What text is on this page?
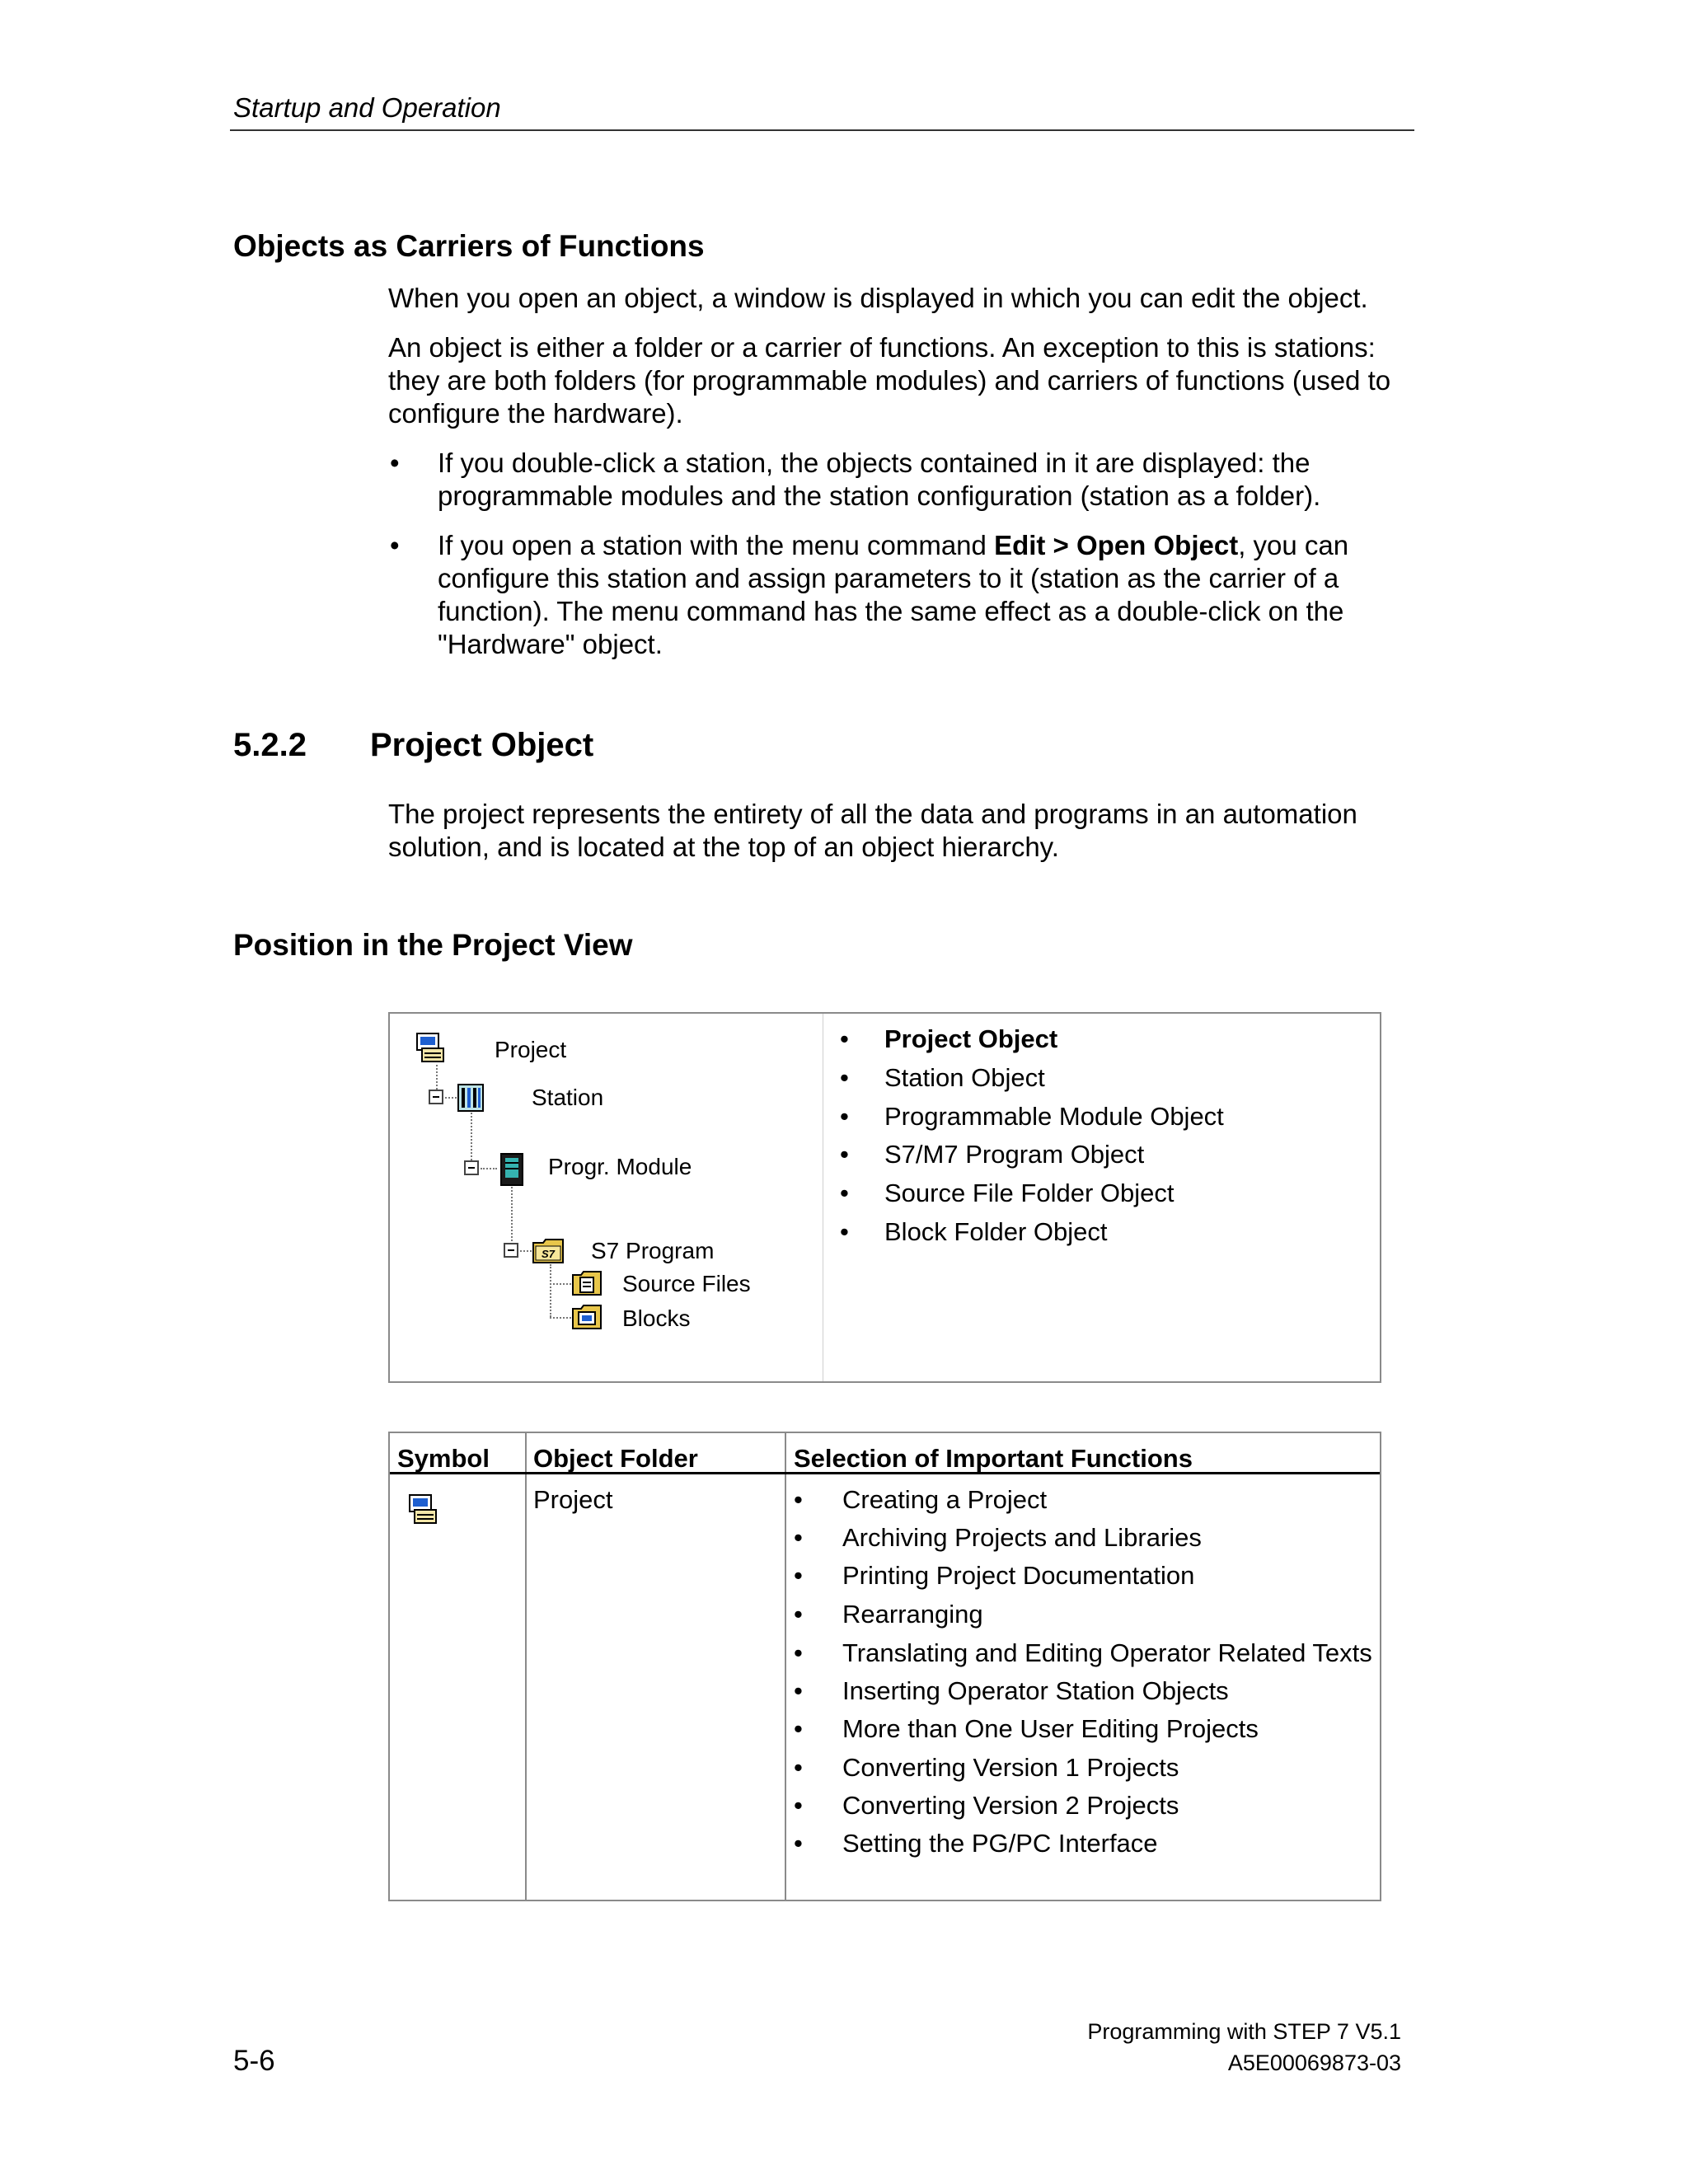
Startup and Operation
Objects as Carriers of Functions
When you open an object, a window is displayed in which you can edit the object.
An object is either a folder or a carrier of functions. An exception to this is stations:
they are both folders (for programmable modules) and carriers of functions (used to
configure the hardware).
• If you double-click a station, the objects contained in it are displayed: the
programmable modules and the station configuration (station as a folder).
• If you open a station with the menu command Edit > Open Object, you can
configure this station and assign parameters to it (station as the carrier of a
function). The menu command has the same effect as a double-click on the
"Hardware" object.
5.2.2 Project Object
The project represents the entirety of all the data and programs in an automation
solution, and is located at the top of an object hierarchy.
Position in the Project View
Project
Station
Progr. Module
S7 S7 Program
Source Files
Blocks
• Project Object
• Station Object
• Programmable Module Object
• S7/M7 Program Object
• Source File Folder Object
• Block Folder Object
Symbol Object Folder	Selection of Important Functions
Project	• Creating a Project
• Archiving Projects and Libraries
• Printing Project Documentation
• Rearranging
• Translating and Editing Operator Related Texts
• Inserting Operator Station Objects
• More than One User Editing Projects
• Converting Version 1 Projects
• Converting Version 2 Projects
• Setting the PG/PC Interface
5-6
Programming with STEP 7 V5.1
A5E00069873-03
